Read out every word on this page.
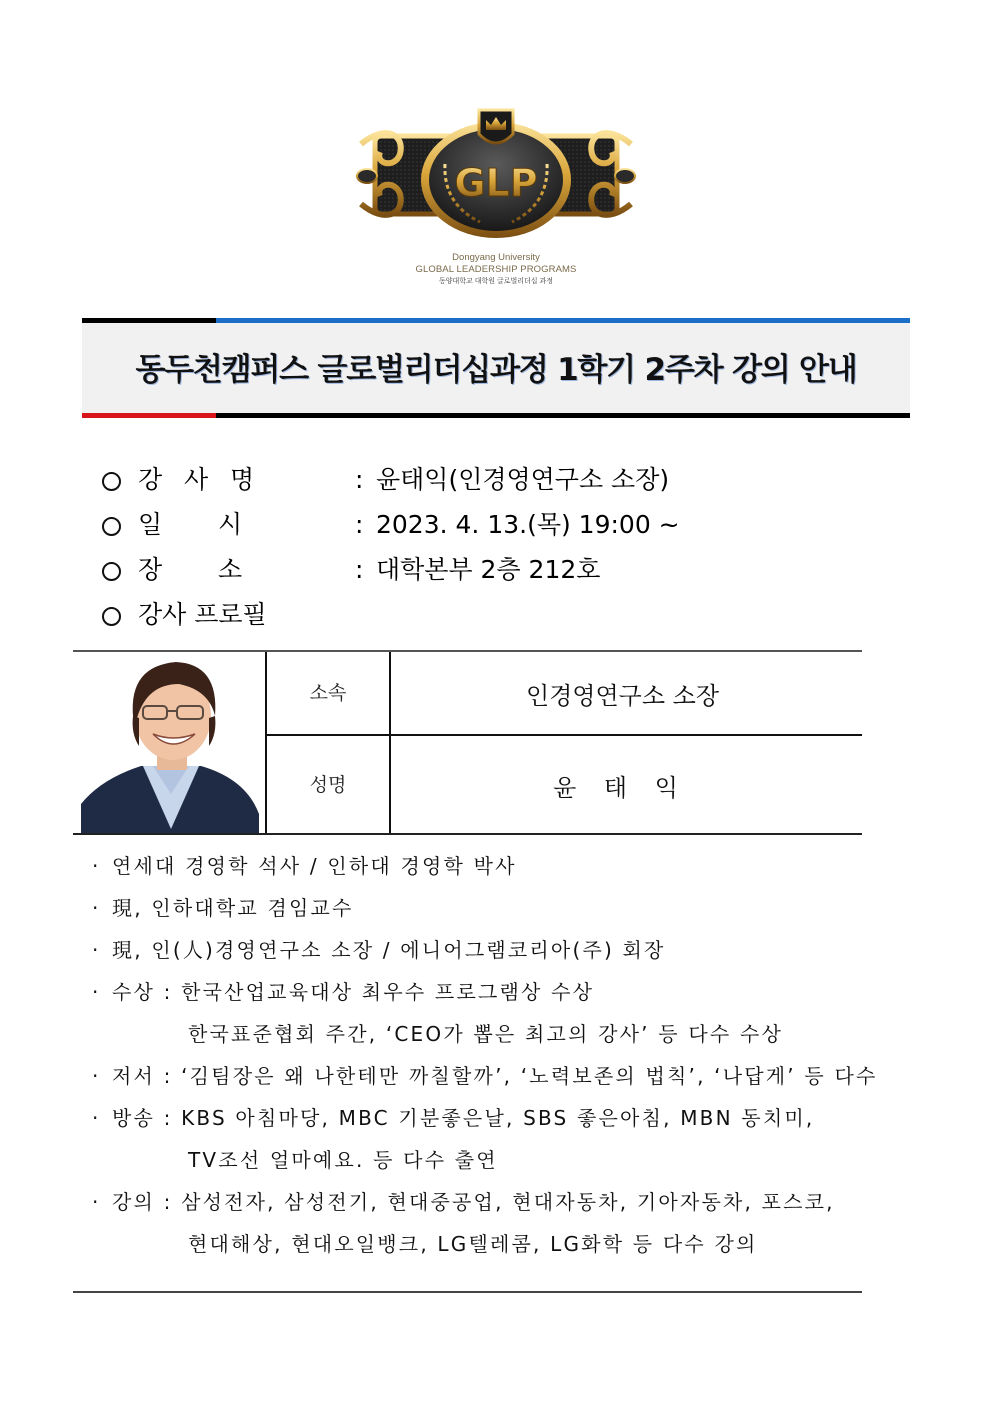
GLP
Dongyang University
GLOBAL LEADERSHIP PROGRAMS
동양대학교 대학원 글로벌리더십 과정
동두천캠퍼스 글로벌리더십과정 1학기 2주차 강의 안내
강 사 명	: 윤태익(인경영연구소 소장)
일 시	: 2023. 4. 13.(목) 19:00 ~
장 소	: 대학본부 2층 212호
강사 프로필
소속	인경영연구소 소장
성명	윤 태 익
· 연세대 경영학 석사 / 인하대 경영학 박사
· 現, 인하대학교 겸임교수
· 現, 인(人)경영연구소 소장 / 에니어그램코리아(주) 회장
· 수상 : 한국산업교육대상 최우수 프로그램상 수상
한국표준협회 주간, ‘CEO가 뽑은 최고의 강사’ 등 다수 수상
· 저서 : ‘김팀장은 왜 나한테만 까칠할까’, ‘노력보존의 법칙’, ‘나답게’ 등 다수
· 방송 : KBS 아침마당, MBC 기분좋은날, SBS 좋은아침, MBN 동치미,
TV조선 얼마예요. 등 다수 출연
· 강의 : 삼성전자, 삼성전기, 현대중공업, 현대자동차, 기아자동차, 포스코,
현대해상, 현대오일뱅크, LG텔레콤, LG화학 등 다수 강의
